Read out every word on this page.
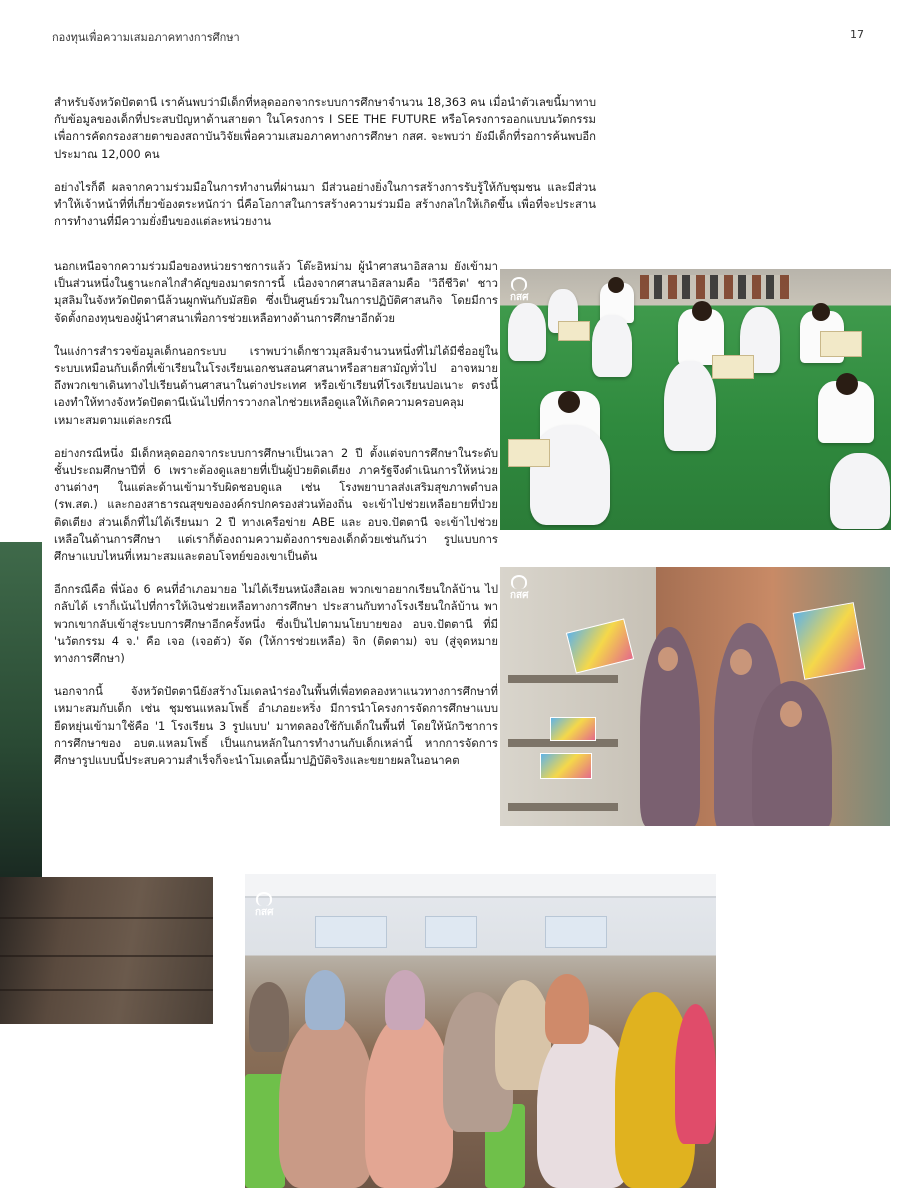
กองทุนเพื่อความเสมอภาคทางการศึกษา	17

สำหรับจังหวัดปัตตานี เราค้นพบว่ามีเด็กที่หลุดออกจากระบบการศึกษาจำนวน 18,363 คน เมื่อนำตัวเลขนี้มาทาบกับข้อมูลของเด็กที่ประสบปัญหาด้านสายตา ในโครงการ I SEE THE FUTURE หรือโครงการออกแบบนวัตกรรมเพื่อการคัดกรองสายตาของสถาบันวิจัยเพื่อความเสมอภาคทางการศึกษา กสศ. จะพบว่า ยังมีเด็กที่รอการค้นพบอีกประมาณ 12,000 คน

อย่างไรก็ดี ผลจากความร่วมมือในการทำงานที่ผ่านมา มีส่วนอย่างยิ่งในการสร้างการรับรู้ให้กับชุมชน และมีส่วนทำให้เจ้าหน้าที่ที่เกี่ยวข้องตระหนักว่า นี่คือโอกาสในการสร้างความร่วมมือ สร้างกลไกให้เกิดขึ้น เพื่อที่จะประสานการทำงานที่มีความยั่งยืนของแต่ละหน่วยงาน

นอกเหนือจากความร่วมมือของหน่วยราชการแล้ว โต๊ะอิหม่าม ผู้นำศาสนาอิสลาม ยังเข้ามาเป็นส่วนหนึ่งในฐานะกลไกสำคัญของมาตรการนี้ เนื่องจากศาสนาอิสลามคือ 'วิถีชีวิต' ชาวมุสลิมในจังหวัดปัตตานีล้วนผูกพันกับมัสยิด ซึ่งเป็นศูนย์รวมในการปฏิบัติศาสนกิจ โดยมีการจัดตั้งกองทุนของผู้นำศาสนาเพื่อการช่วยเหลือทางด้านการศึกษาอีกด้วย

ในแง่การสำรวจข้อมูลเด็กนอกระบบ เราพบว่าเด็กชาวมุสลิมจำนวนหนึ่งที่ไม่ได้มีชื่ออยู่ในระบบเหมือนกับเด็กที่เข้าเรียนในโรงเรียนเอกชนสอนศาสนาหรือสายสามัญทั่วไป อาจหมายถึงพวกเขาเดินทางไปเรียนด้านศาสนาในต่างประเทศ หรือเข้าเรียนที่โรงเรียนปอเนาะ ตรงนี้เองทำให้ทางจังหวัดปัตตานีเน้นไปที่การวางกลไกช่วยเหลือดูแลให้เกิดความครอบคลุม เหมาะสมตามแต่ละกรณี

อย่างกรณีหนึ่ง มีเด็กหลุดออกจากระบบการศึกษาเป็นเวลา 2 ปี ตั้งแต่จบการศึกษาในระดับชั้นประถมศึกษาปีที่ 6 เพราะต้องดูแลยายที่เป็นผู้ป่วยติดเตียง ภาครัฐจึงดำเนินการให้หน่วยงานต่างๆ ในแต่ละด้านเข้ามารับผิดชอบดูแล เช่น โรงพยาบาลส่งเสริมสุขภาพตำบล (รพ.สต.) และกองสาธารณสุขขององค์กรปกครองส่วนท้องถิ่น จะเข้าไปช่วยเหลือยายที่ป่วยติดเตียง ส่วนเด็กที่ไม่ได้เรียนมา 2 ปี ทางเครือข่าย ABE และ อบจ.ปัตตานี จะเข้าไปช่วยเหลือในด้านการศึกษา แต่เราก็ต้องถามความต้องการของเด็กด้วยเช่นกันว่า รูปแบบการศึกษาแบบไหนที่เหมาะสมและตอบโจทย์ของเขาเป็นต้น

อีกกรณีคือ พี่น้อง 6 คนที่อำเภอมายอ ไม่ได้เรียนหนังสือเลย พวกเขาอยากเรียนใกล้บ้าน ไปกลับได้ เราก็เน้นไปที่การให้เงินช่วยเหลือทางการศึกษา ประสานกับทางโรงเรียนใกล้บ้าน พาพวกเขากลับเข้าสู่ระบบการศึกษาอีกครั้งหนึ่ง ซึ่งเป็นไปตามนโยบายของ อบจ.ปัตตานี ที่มี 'นวัตกรรม 4 จ.' คือ เจอ (เจอตัว) จัด (ให้การช่วยเหลือ) จิก (ติดตาม) จบ (สู่จุดหมายทางการศึกษา)

นอกจากนี้ จังหวัดปัตตานียังสร้างโมเดลนำร่องในพื้นที่เพื่อทดลองหาแนวทางการศึกษาที่เหมาะสมกับเด็ก เช่น ชุมชนแหลมโพธิ์ อำเภอยะหริ่ง มีการนำโครงการจัดการศึกษาแบบยืดหยุ่นเข้ามาใช้คือ '1 โรงเรียน 3 รูปแบบ' มาทดลองใช้กับเด็กในพื้นที่ โดยให้นักวิชาการการศึกษาของ อบต.แหลมโพธิ์ เป็นแกนหลักในการทำงานกับเด็กเหล่านี้ หากการจัดการศึกษารูปแบบนี้ประสบความสำเร็จก็จะนำโมเดลนี้มาปฏิบัติจริงและขยายผลในอนาคต

กสศ
กสศ
กสศ
